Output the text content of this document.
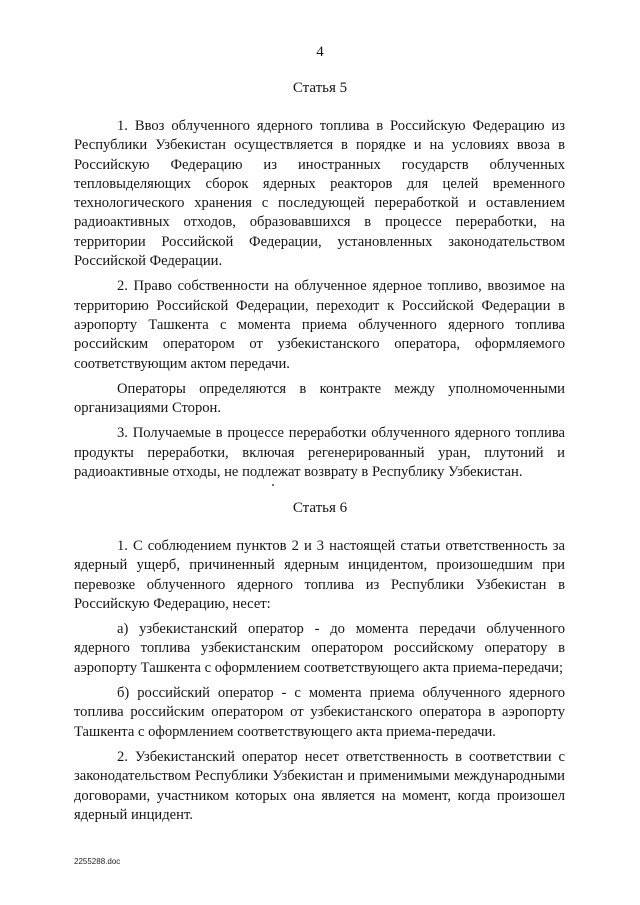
4
Статья 5

1. Ввоз облученного ядерного топлива в Российскую Федерацию из Республики Узбекистан осуществляется в порядке и на условиях ввоза в Российскую Федерацию из иностранных государств облученных тепловыделяющих сборок ядерных реакторов для целей временного технологического хранения с последующей переработкой и оставлением радиоактивных отходов, образовавшихся в процессе переработки, на территории Российской Федерации, установленных законодательством Российской Федерации.

2. Право собственности на облученное ядерное топливо, ввозимое на территорию Российской Федерации, переходит к Российской Федерации в аэропорту Ташкента с момента приема облученного ядерного топлива российским оператором от узбекистанского оператора, оформляемого соответствующим актом передачи.

Операторы определяются в контракте между уполномоченными организациями Сторон.

3. Получаемые в процессе переработки облученного ядерного топлива продукты переработки, включая регенерированный уран, плутоний и радиоактивные отходы, не подлежат возврату в Республику Узбекистан.

Статья 6

1. С соблюдением пунктов 2 и 3 настоящей статьи ответственность за ядерный ущерб, причиненный ядерным инцидентом, произошедшим при перевозке облученного ядерного топлива из Республики Узбекистан в Российскую Федерацию, несет:

а) узбекистанский оператор - до момента передачи облученного ядерного топлива узбекистанским оператором российскому оператору в аэропорту Ташкента с оформлением соответствующего акта приема-передачи;

б) российский оператор - с момента приема облученного ядерного топлива российским оператором от узбекистанского оператора в аэропорту Ташкента с оформлением соответствующего акта приема-передачи.

2. Узбекистанский оператор несет ответственность в соответствии с законодательством Республики Узбекистан и применимыми международными договорами, участником которых она является на момент, когда произошел ядерный инцидент.

2255288.doc
